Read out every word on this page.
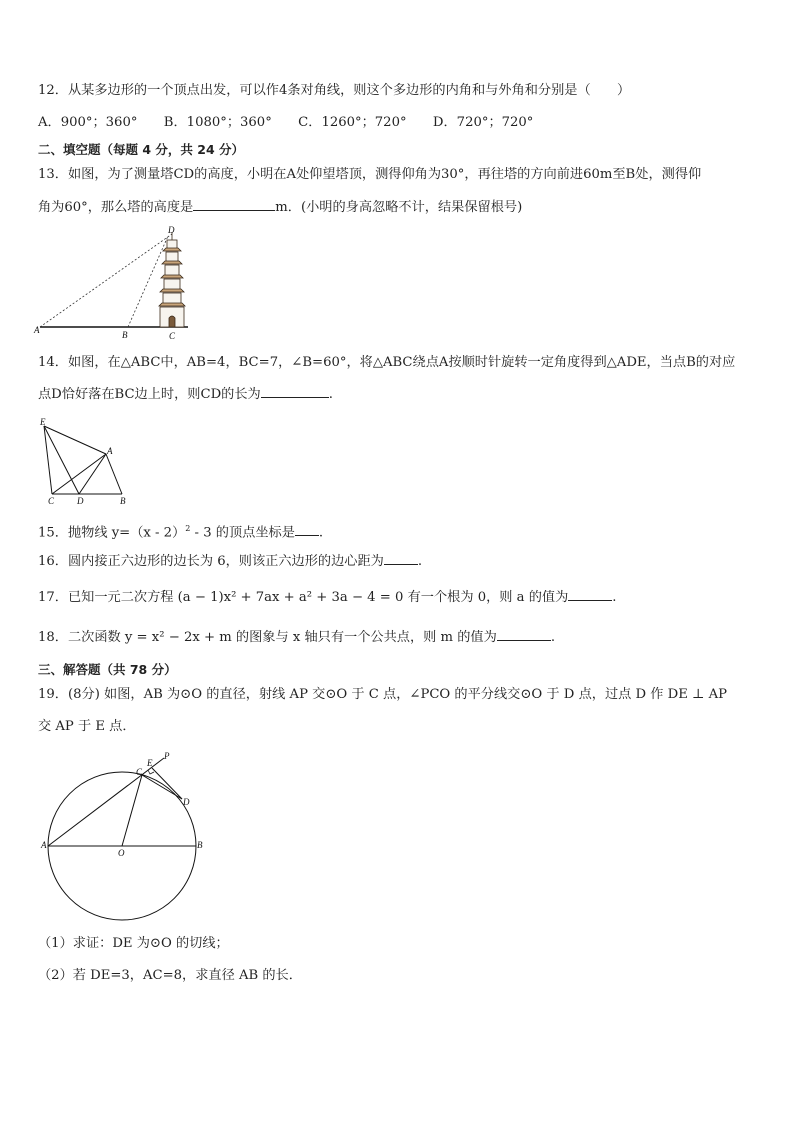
12．从某多边形的一个顶点出发，可以作4条对角线，则这个多边形的内角和与外角和分别是（　　）
A．900°；360°　　B．1080°；360°　　C．1260°；720°　　D．720°；720°
二、填空题（每题 4 分，共 24 分）
13．如图，为了测量塔CD的高度，小明在A处仰望塔顶，测得仰角为30°，再往塔的方向前进60m至B处，测得仰
角为60°，那么塔的高度是	m．(小明的身高忽略不计，结果保留根号)
A	B	C
D
14．如图，在△ABC中，AB=4，BC=7，∠B=60°，将△ABC绕点A按顺时针旋转一定角度得到△ADE，当点B的对应
点D恰好落在BC边上时，则CD的长为	.
E
A
C	D	B
15．抛物线 y=（x - 2）$^2$ - 3 的顶点坐标是 .
16．圆内接正六边形的边长为 6，则该正六边形的边心距为	.
17．已知一元二次方程 (a − 1)x² + 7ax + a² + 3a − 4 = 0 有一个根为 0，则 a 的值为	.
18．二次函数 y = x² − 2x + m 的图象与 x 轴只有一个公共点，则 m 的值为	.
三、解答题（共 78 分）
19．(8分) 如图，AB 为⊙O 的直径，射线 AP 交⊙O 于 C 点，∠PCO 的平分线交⊙O 于 D 点，过点 D 作 DE ⊥ AP
交 AP 于 E 点．
E
P
C
D
A
O
B
（1）求证：DE 为⊙O 的切线；
（2）若 DE=3，AC=8，求直径 AB 的长．
